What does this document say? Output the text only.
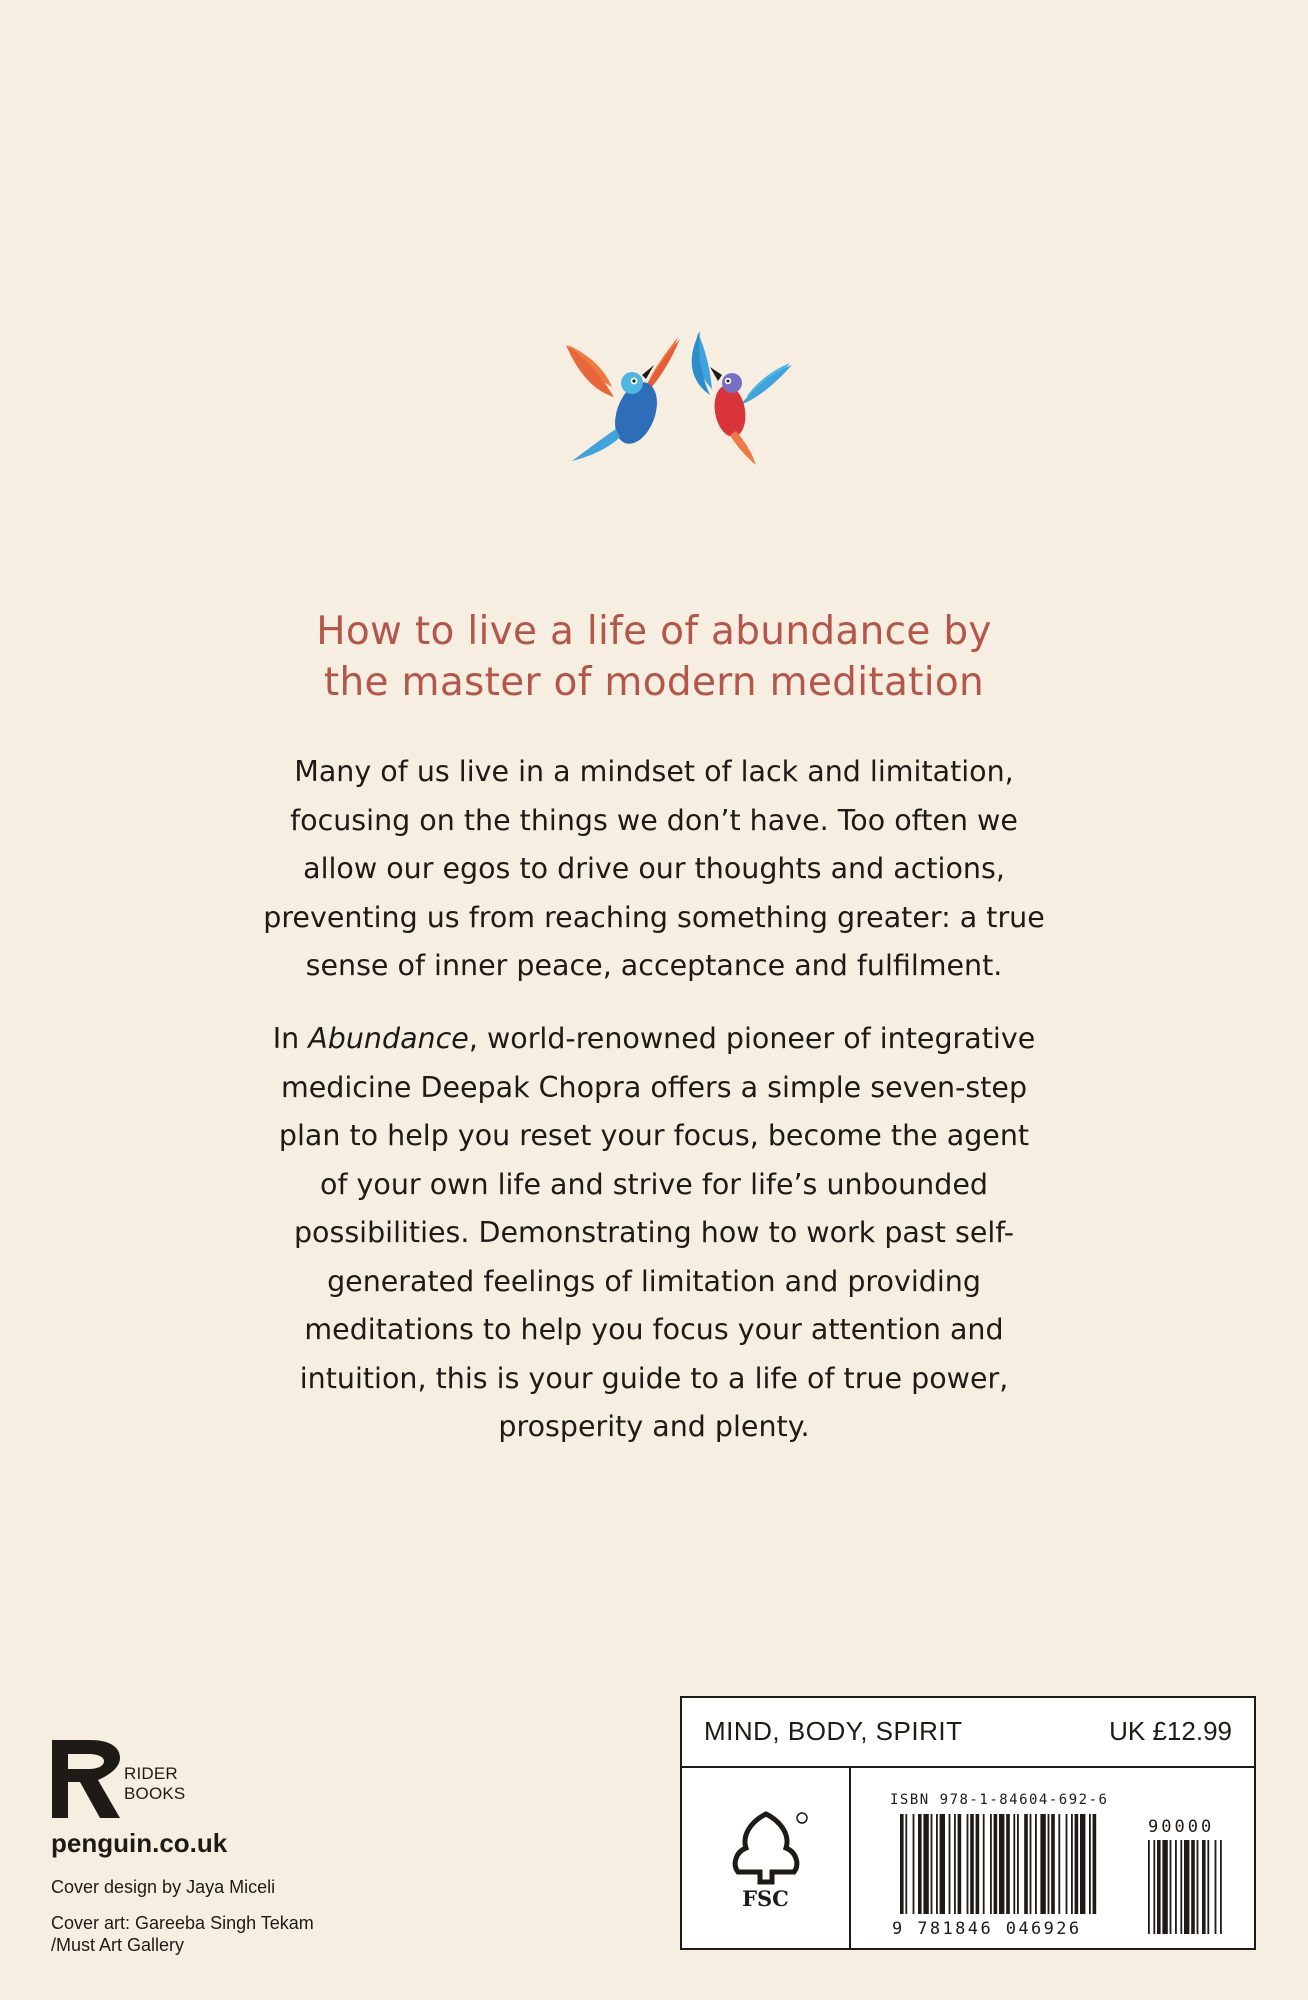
How to live a life of abundance by
the master of modern meditation

Many of us live in a mindset of lack and limitation,

focusing on the things we don’t have. Too often we

allow our egos to drive our thoughts and actions,

preventing us from reaching something greater: a true

sense of inner peace, acceptance and fulfilment.

In Abundance, world-renowned pioneer of integrative

medicine Deepak Chopra offers a simple seven-step

plan to help you reset your focus, become the agent

of your own life and strive for life’s unbounded

possibilities. Demonstrating how to work past self-

generated feelings of limitation and providing

meditations to help you focus your attention and

intuition, this is your guide to a life of true power,

prosperity and plenty.

RIDER
BOOKS
penguin.co.uk
Cover design by Jaya Miceli
Cover art: Gareeba Singh Tekam
/Must Art Gallery
MIND, BODY, SPIRIT	UK £12.99
FSC
ISBN 978-1-84604-692-6
9 781846 046926
90000
